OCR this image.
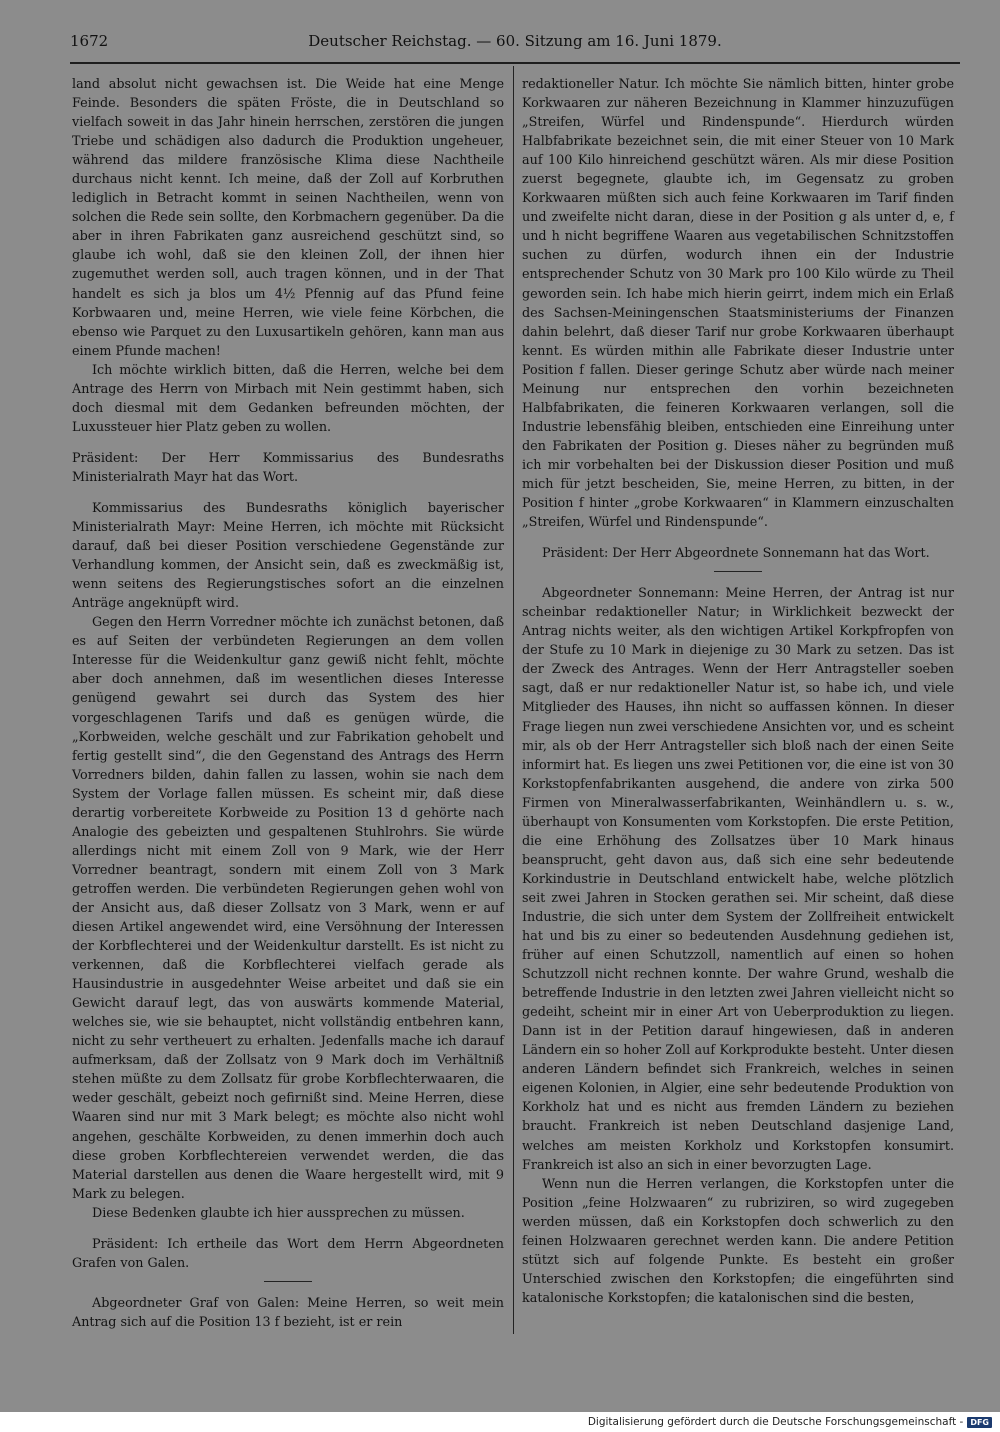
1672	Deutscher Reichstag. — 60. Sitzung am 16. Juni 1879.

land absolut nicht gewachsen ist. Die Weide hat eine Menge Feinde. Besonders die späten Fröste, die in Deutschland so vielfach soweit in das Jahr hinein herrschen, zerstören die jungen Triebe und schädigen also dadurch die Produktion ungeheuer, während das mildere französische Klima diese Nachtheile durchaus nicht kennt. Ich meine, daß der Zoll auf Korbruthen lediglich in Betracht kommt in seinen Nachtheilen, wenn von solchen die Rede sein sollte, den Korbmachern gegenüber. Da die aber in ihren Fabrikaten ganz ausreichend geschützt sind, so glaube ich wohl, daß sie den kleinen Zoll, der ihnen hier zugemuthet werden soll, auch tragen können, und in der That handelt es sich ja blos um 4½ Pfennig auf das Pfund feine Korbwaaren und, meine Herren, wie viele feine Körbchen, die ebenso wie Parquet zu den Luxusartikeln gehören, kann man aus einem Pfunde machen!

Ich möchte wirklich bitten, daß die Herren, welche bei dem Antrage des Herrn von Mirbach mit Nein gestimmt haben, sich doch diesmal mit dem Gedanken befreunden möchten, der Luxussteuer hier Platz geben zu wollen.

Präsident: Der Herr Kommissarius des Bundesraths Ministerialrath Mayr hat das Wort.

Kommissarius des Bundesraths königlich bayerischer Ministerialrath Mayr: Meine Herren, ich möchte mit Rücksicht darauf, daß bei dieser Position verschiedene Gegenstände zur Verhandlung kommen, der Ansicht sein, daß es zweckmäßig ist, wenn seitens des Regierungstisches sofort an die einzelnen Anträge angeknüpft wird.

Gegen den Herrn Vorredner möchte ich zunächst betonen, daß es auf Seiten der verbündeten Regierungen an dem vollen Interesse für die Weidenkultur ganz gewiß nicht fehlt, möchte aber doch annehmen, daß im wesentlichen dieses Interesse genügend gewahrt sei durch das System des hier vorgeschlagenen Tarifs und daß es genügen würde, die „Korbweiden, welche geschält und zur Fabrikation gehobelt und fertig gestellt sind“, die den Gegenstand des Antrags des Herrn Vorredners bilden, dahin fallen zu lassen, wohin sie nach dem System der Vorlage fallen müssen. Es scheint mir, daß diese derartig vorbereitete Korbweide zu Position 13 d gehörte nach Analogie des gebeizten und gespaltenen Stuhlrohrs. Sie würde allerdings nicht mit einem Zoll von 9 Mark, wie der Herr Vorredner beantragt, sondern mit einem Zoll von 3 Mark getroffen werden. Die verbündeten Regierungen gehen wohl von der Ansicht aus, daß dieser Zollsatz von 3 Mark, wenn er auf diesen Artikel angewendet wird, eine Versöhnung der Interessen der Korbflechterei und der Weidenkultur darstellt. Es ist nicht zu verkennen, daß die Korbflechterei vielfach gerade als Hausindustrie in ausgedehnter Weise arbeitet und daß sie ein Gewicht darauf legt, das von auswärts kommende Material, welches sie, wie sie behauptet, nicht vollständig entbehren kann, nicht zu sehr vertheuert zu erhalten. Jedenfalls mache ich darauf aufmerksam, daß der Zollsatz von 9 Mark doch im Verhältniß stehen müßte zu dem Zollsatz für grobe Korbflechterwaaren, die weder geschält, gebeizt noch gefirnißt sind. Meine Herren, diese Waaren sind nur mit 3 Mark belegt; es möchte also nicht wohl angehen, geschälte Korbweiden, zu denen immerhin doch auch diese groben Korbflechtereien verwendet werden, die das Material darstellen aus denen die Waare hergestellt wird, mit 9 Mark zu belegen.

Diese Bedenken glaubte ich hier aussprechen zu müssen.

Präsident: Ich ertheile das Wort dem Herrn Abgeordneten Grafen von Galen.

Abgeordneter Graf von Galen: Meine Herren, so weit mein Antrag sich auf die Position 13 f bezieht, ist er rein

redaktioneller Natur. Ich möchte Sie nämlich bitten, hinter grobe Korkwaaren zur näheren Bezeichnung in Klammer hinzuzufügen „Streifen, Würfel und Rindenspunde“. Hierdurch würden Halbfabrikate bezeichnet sein, die mit einer Steuer von 10 Mark auf 100 Kilo hinreichend geschützt wären. Als mir diese Position zuerst begegnete, glaubte ich, im Gegensatz zu groben Korkwaaren müßten sich auch feine Korkwaaren im Tarif finden und zweifelte nicht daran, diese in der Position g als unter d, e, f und h nicht begriffene Waaren aus vegetabilischen Schnitzstoffen suchen zu dürfen, wodurch ihnen ein der Industrie entsprechender Schutz von 30 Mark pro 100 Kilo würde zu Theil geworden sein. Ich habe mich hierin geirrt, indem mich ein Erlaß des Sachsen-Meiningenschen Staatsministeriums der Finanzen dahin belehrt, daß dieser Tarif nur grobe Korkwaaren überhaupt kennt. Es würden mithin alle Fabrikate dieser Industrie unter Position f fallen. Dieser geringe Schutz aber würde nach meiner Meinung nur entsprechen den vorhin bezeichneten Halbfabrikaten, die feineren Korkwaaren verlangen, soll die Industrie lebensfähig bleiben, entschieden eine Einreihung unter den Fabrikaten der Position g. Dieses näher zu begründen muß ich mir vorbehalten bei der Diskussion dieser Position und muß mich für jetzt bescheiden, Sie, meine Herren, zu bitten, in der Position f hinter „grobe Korkwaaren“ in Klammern einzuschalten „Streifen, Würfel und Rindenspunde“.

Präsident: Der Herr Abgeordnete Sonnemann hat das Wort.

Abgeordneter Sonnemann: Meine Herren, der Antrag ist nur scheinbar redaktioneller Natur; in Wirklichkeit bezweckt der Antrag nichts weiter, als den wichtigen Artikel Korkpfropfen von der Stufe zu 10 Mark in diejenige zu 30 Mark zu setzen. Das ist der Zweck des Antrages. Wenn der Herr Antragsteller soeben sagt, daß er nur redaktioneller Natur ist, so habe ich, und viele Mitglieder des Hauses, ihn nicht so auffassen können. In dieser Frage liegen nun zwei verschiedene Ansichten vor, und es scheint mir, als ob der Herr Antragsteller sich bloß nach der einen Seite informirt hat. Es liegen uns zwei Petitionen vor, die eine ist von 30 Korkstopfenfabrikanten ausgehend, die andere von zirka 500 Firmen von Mineralwasserfabrikanten, Weinhändlern u. s. w., überhaupt von Konsumenten vom Korkstopfen. Die erste Petition, die eine Erhöhung des Zollsatzes über 10 Mark hinaus beansprucht, geht davon aus, daß sich eine sehr bedeutende Korkindustrie in Deutschland entwickelt habe, welche plötzlich seit zwei Jahren in Stocken gerathen sei. Mir scheint, daß diese Industrie, die sich unter dem System der Zollfreiheit entwickelt hat und bis zu einer so bedeutenden Ausdehnung gediehen ist, früher auf einen Schutzzoll, namentlich auf einen so hohen Schutzzoll nicht rechnen konnte. Der wahre Grund, weshalb die betreffende Industrie in den letzten zwei Jahren vielleicht nicht so gedeiht, scheint mir in einer Art von Ueberproduktion zu liegen. Dann ist in der Petition darauf hingewiesen, daß in anderen Ländern ein so hoher Zoll auf Korkprodukte besteht. Unter diesen anderen Ländern befindet sich Frankreich, welches in seinen eigenen Kolonien, in Algier, eine sehr bedeutende Produktion von Korkholz hat und es nicht aus fremden Ländern zu beziehen braucht. Frankreich ist neben Deutschland dasjenige Land, welches am meisten Korkholz und Korkstopfen konsumirt. Frankreich ist also an sich in einer bevorzugten Lage.

Wenn nun die Herren verlangen, die Korkstopfen unter die Position „feine Holzwaaren“ zu rubriziren, so wird zugegeben werden müssen, daß ein Korkstopfen doch schwerlich zu den feinen Holzwaaren gerechnet werden kann. Die andere Petition stützt sich auf folgende Punkte. Es besteht ein großer Unterschied zwischen den Korkstopfen; die eingeführten sind katalonische Korkstopfen; die katalonischen sind die besten,

Digitalisierung gefördert durch die Deutsche Forschungsgemeinschaft - DFG
